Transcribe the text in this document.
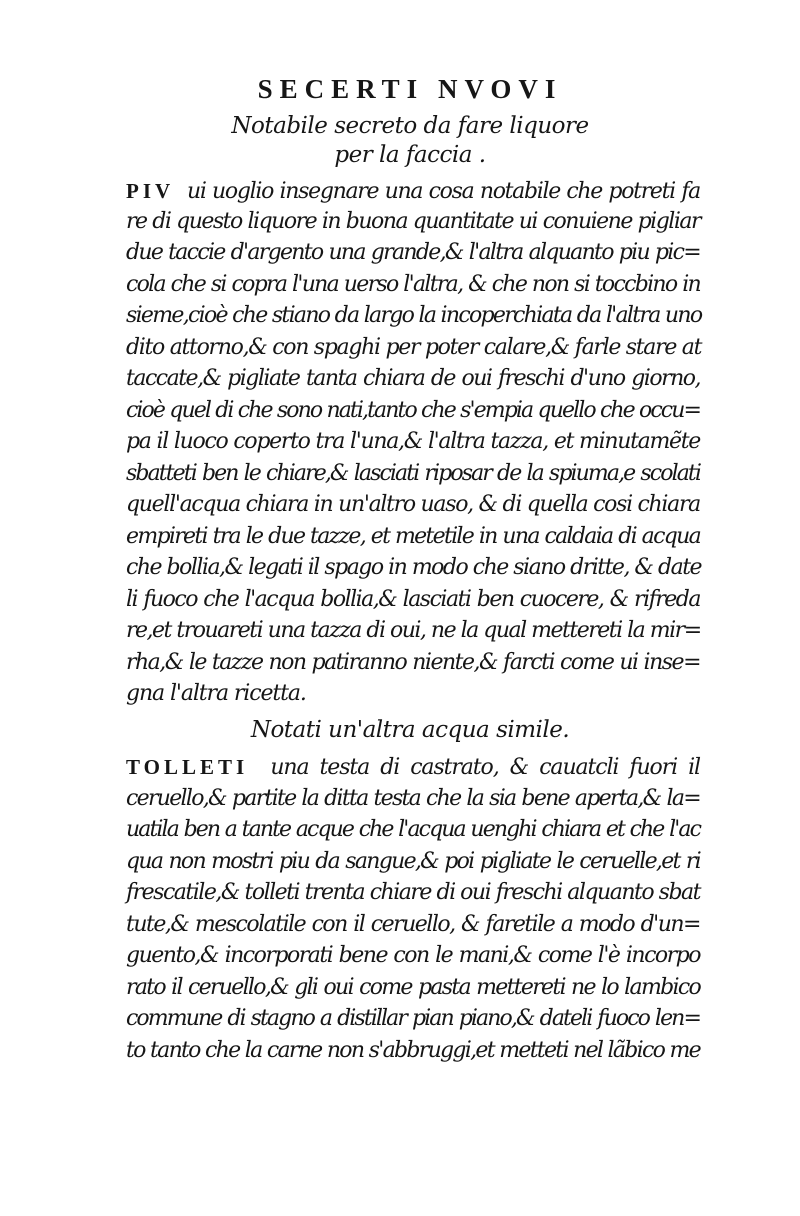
SECERTI NVOVI
Notabile secreto da fare liquore
per la faccia .
PIV ui uoglio insegnare una cosa notabile che potreti fa
re di questo liquore in buona quantitate ui conuiene pigliar
due taccie d'argento una grande,& l'altra alquanto piu pic=
cola che si copra l'una uerso l'altra, & che non si toccbino in
sieme,cioè che stiano da largo la incoperchiata da l'altra uno
dito attorno,& con spaghi per poter calare,& farle stare at
taccate,& pigliate tanta chiara de oui freschi d'uno giorno,
cioè quel di che sono nati,tanto che s'empia quello che occu=
pa il luoco coperto tra l'una,& l'altra tazza, et minutamẽte
sbatteti ben le chiare,& lasciati riposar de la spiuma,e scolati
quell'acqua chiara in un'altro uaso, & di quella cosi chiara
empireti tra le due tazze, et metetile in una caldaia di acqua
che bollia,& legati il spago in modo che siano dritte, & date
li fuoco che l'acqua bollia,& lasciati ben cuocere, & rifreda
re,et trouareti una tazza di oui, ne la qual mettereti la mir=
rha,& le tazze non patiranno niente,& farcti come ui inse=
gna l'altra ricetta.
Notati un'altra acqua simile.
TOLLETI una testa di castrato, & cauatcli fuori il
ceruello,& partite la ditta testa che la sia bene aperta,& la=
uatila ben a tante acque che l'acqua uenghi chiara et che l'ac
qua non mostri piu da sangue,& poi pigliate le ceruelle,et ri
frescatile,& tolleti trenta chiare di oui freschi alquanto sbat
tute,& mescolatile con il ceruello, & faretile a modo d'un=
guento,& incorporati bene con le mani,& come l'è incorpo
rato il ceruello,& gli oui come pasta mettereti ne lo lambico
commune di stagno a distillar pian piano,& dateli fuoco len=
to tanto che la carne non s'abbruggi,et metteti nel lãbico me
